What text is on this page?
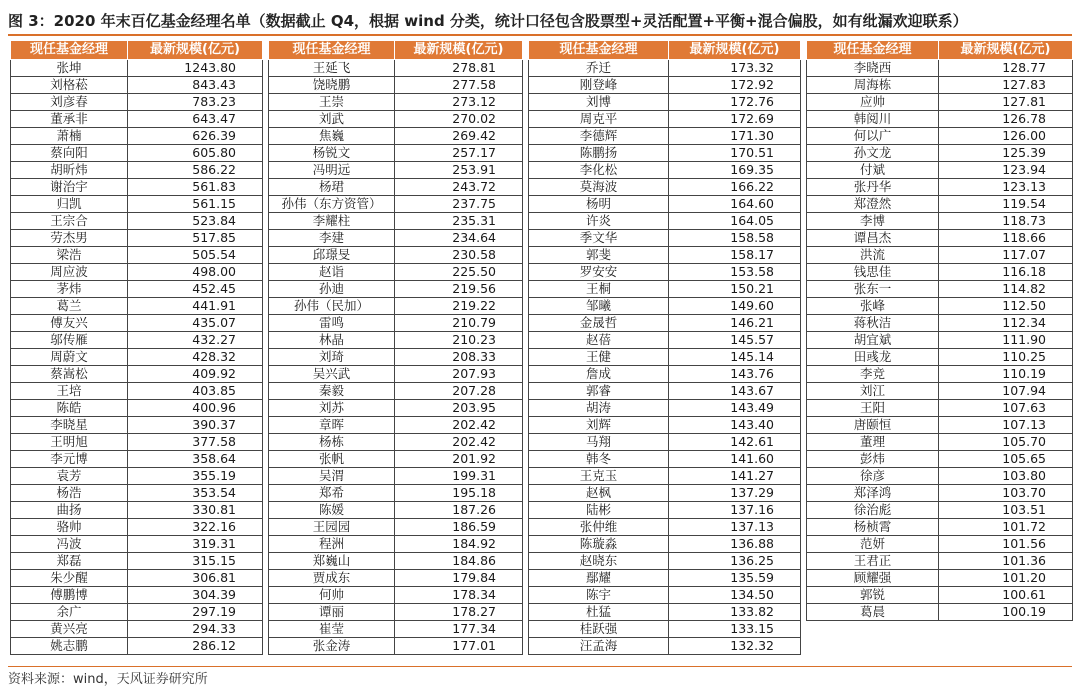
图 3：2020 年末百亿基金经理名单（数据截止 Q4，根据 wind 分类，统计口径包含股票型+灵活配置+平衡+混合偏股，如有纰漏欢迎联系）
现任基金经理	最新规模(亿元)
张坤	1243.80
刘格菘	843.43
刘彦春	783.23
董承非	643.47
萧楠	626.39
蔡向阳	605.80
胡昕炜	586.22
谢治宇	561.83
归凯	561.15
王宗合	523.84
劳杰男	517.85
梁浩	505.54
周应波	498.00
茅炜	452.45
葛兰	441.91
傅友兴	435.07
邬传雁	432.27
周蔚文	428.32
蔡嵩松	409.92
王培	403.85
陈皓	400.96
李晓星	390.37
王明旭	377.58
李元博	358.64
袁芳	355.19
杨浩	353.54
曲扬	330.81
骆帅	322.16
冯波	319.31
郑磊	315.15
朱少醒	306.81
傅鹏博	304.39
余广	297.19
黄兴亮	294.33
姚志鹏	286.12
现任基金经理	最新规模(亿元)
王延飞	278.81
饶晓鹏	277.58
王崇	273.12
刘武	270.02
焦巍	269.42
杨锐文	257.17
冯明远	253.91
杨珺	243.72
孙伟（东方资管）	237.75
李耀柱	235.31
李建	234.64
邱璟旻	230.58
赵诣	225.50
孙迪	219.56
孙伟（民加）	219.22
雷鸣	210.79
林晶	210.23
刘琦	208.33
吴兴武	207.93
秦毅	207.28
刘苏	203.95
章晖	202.42
杨栋	202.42
张帆	201.92
吴渭	199.31
郑希	195.18
陈媛	187.26
王园园	186.59
程洲	184.92
郑巍山	184.86
贾成东	179.84
何帅	178.34
谭丽	178.27
崔莹	177.34
张金涛	177.01
现任基金经理	最新规模(亿元)
乔迁	173.32
刚登峰	172.92
刘博	172.76
周克平	172.69
李德辉	171.30
陈鹏扬	170.51
李化松	169.35
莫海波	166.22
杨明	164.60
许炎	164.05
季文华	158.58
郭斐	158.17
罗安安	153.58
王桐	150.21
邹曦	149.60
金晟哲	146.21
赵蓓	145.57
王健	145.14
詹成	143.76
郭睿	143.67
胡涛	143.49
刘辉	143.40
马翔	142.61
韩冬	141.60
王克玉	141.27
赵枫	137.29
陆彬	137.16
张仲维	137.13
陈璇淼	136.88
赵晓东	136.25
鄢耀	135.59
陈宇	134.50
杜猛	133.82
桂跃强	133.15
汪孟海	132.32
现任基金经理	最新规模(亿元)
李晓西	128.77
周海栋	127.83
应帅	127.81
韩阅川	126.78
何以广	126.00
孙文龙	125.39
付斌	123.94
张丹华	123.13
郑澄然	119.54
李博	118.73
谭昌杰	118.66
洪流	117.07
钱思佳	116.18
张东一	114.82
张峰	112.50
蒋秋洁	112.34
胡宜斌	111.90
田彧龙	110.25
李竞	110.19
刘江	107.94
王阳	107.63
唐颐恒	107.13
董理	105.70
彭炜	105.65
徐彦	103.80
郑泽鸿	103.70
徐治彪	103.51
杨桢霄	101.72
范妍	101.56
王君正	101.36
顾耀强	101.20
郭锐	100.61
葛晨	100.19
资料来源：wind，天风证券研究所
